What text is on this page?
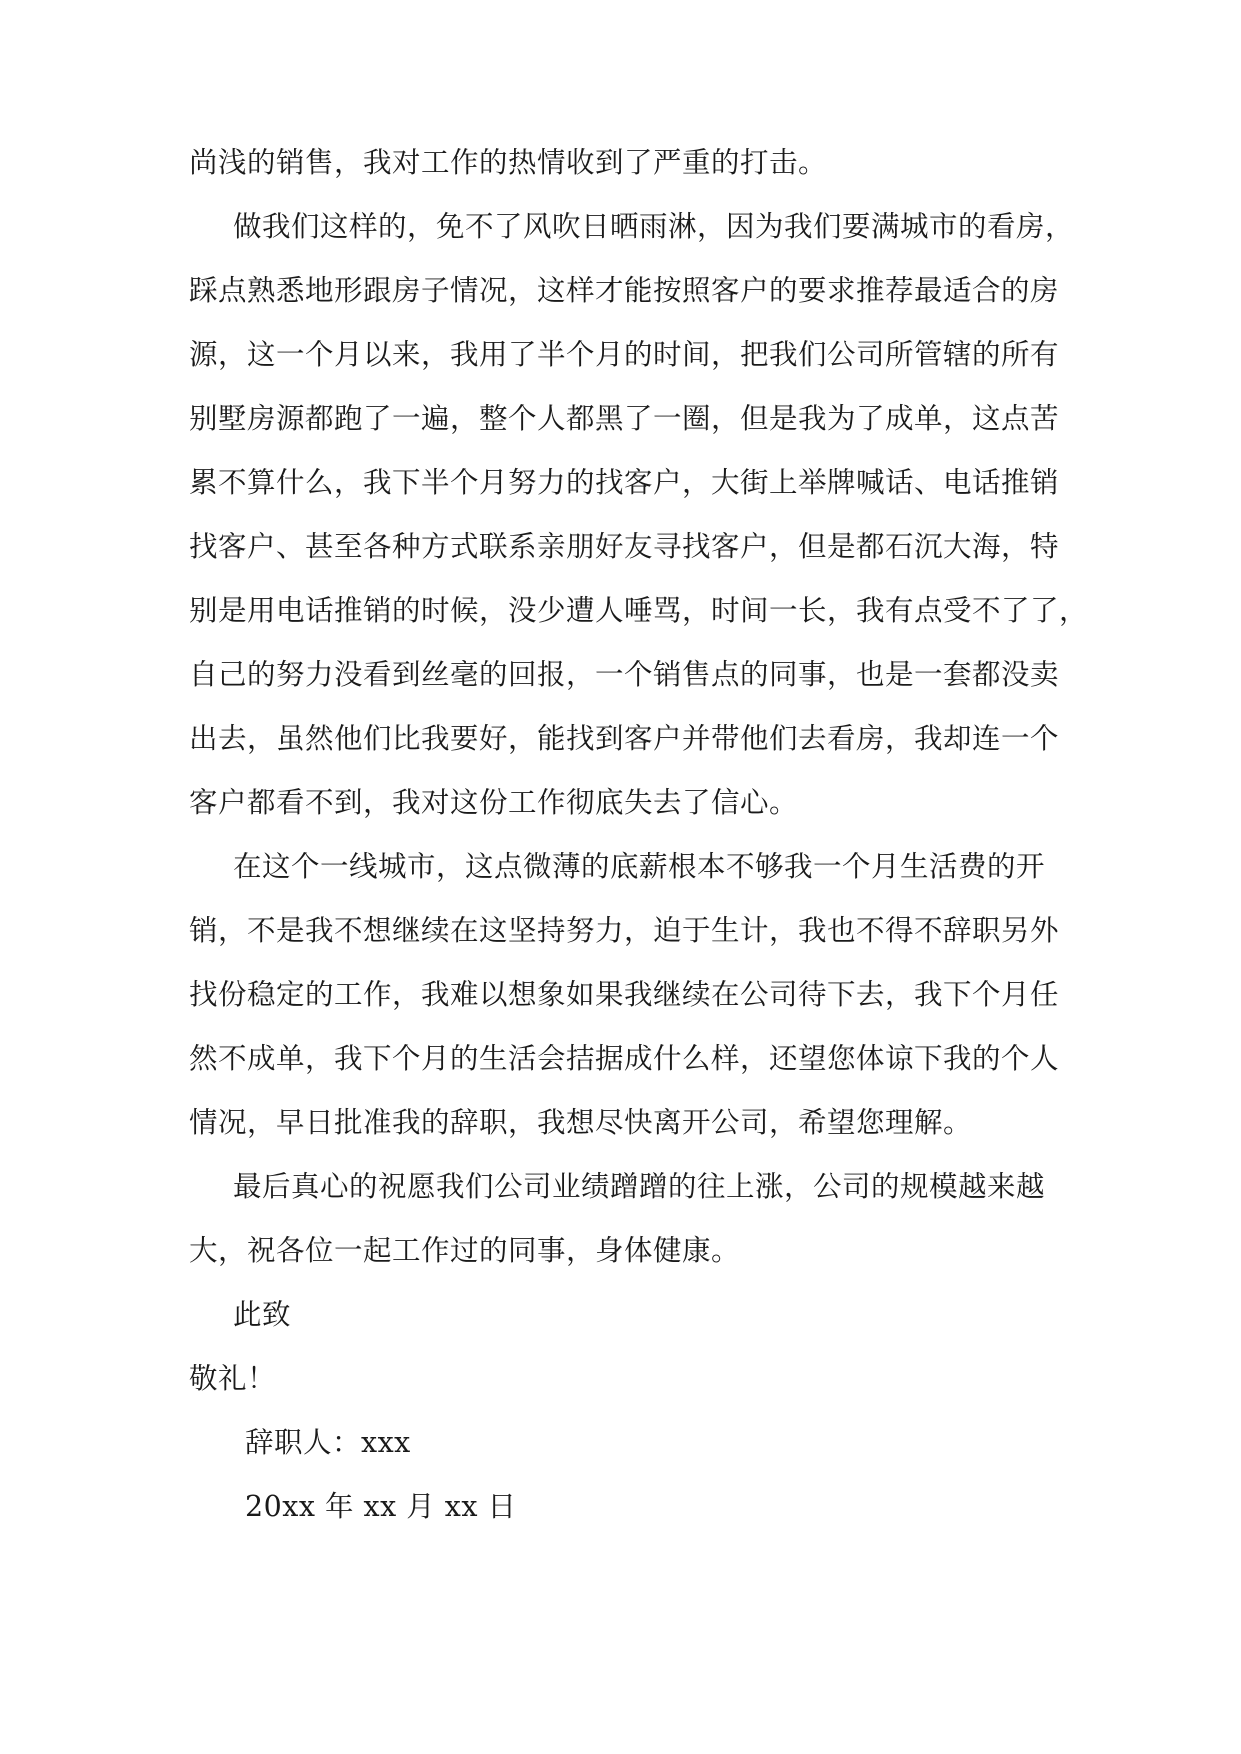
尚浅的销售，我对工作的热情收到了严重的打击。
做我们这样的，免不了风吹日晒雨淋，因为我们要满城市的看房，
踩点熟悉地形跟房子情况，这样才能按照客户的要求推荐最适合的房
源，这一个月以来，我用了半个月的时间，把我们公司所管辖的所有
别墅房源都跑了一遍，整个人都黑了一圈，但是我为了成单，这点苦
累不算什么，我下半个月努力的找客户，大街上举牌喊话、电话推销
找客户、甚至各种方式联系亲朋好友寻找客户，但是都石沉大海，特
别是用电话推销的时候，没少遭人唾骂，时间一长，我有点受不了了，
自己的努力没看到丝毫的回报，一个销售点的同事，也是一套都没卖
出去，虽然他们比我要好，能找到客户并带他们去看房，我却连一个
客户都看不到，我对这份工作彻底失去了信心。
在这个一线城市，这点微薄的底薪根本不够我一个月生活费的开
销，不是我不想继续在这坚持努力，迫于生计，我也不得不辞职另外
找份稳定的工作，我难以想象如果我继续在公司待下去，我下个月任
然不成单，我下个月的生活会拮据成什么样，还望您体谅下我的个人
情况，早日批准我的辞职，我想尽快离开公司，希望您理解。
最后真心的祝愿我们公司业绩蹭蹭的往上涨，公司的规模越来越
大，祝各位一起工作过的同事，身体健康。
此致
敬礼！
辞职人：xxx
20xx 年 xx 月 xx 日
